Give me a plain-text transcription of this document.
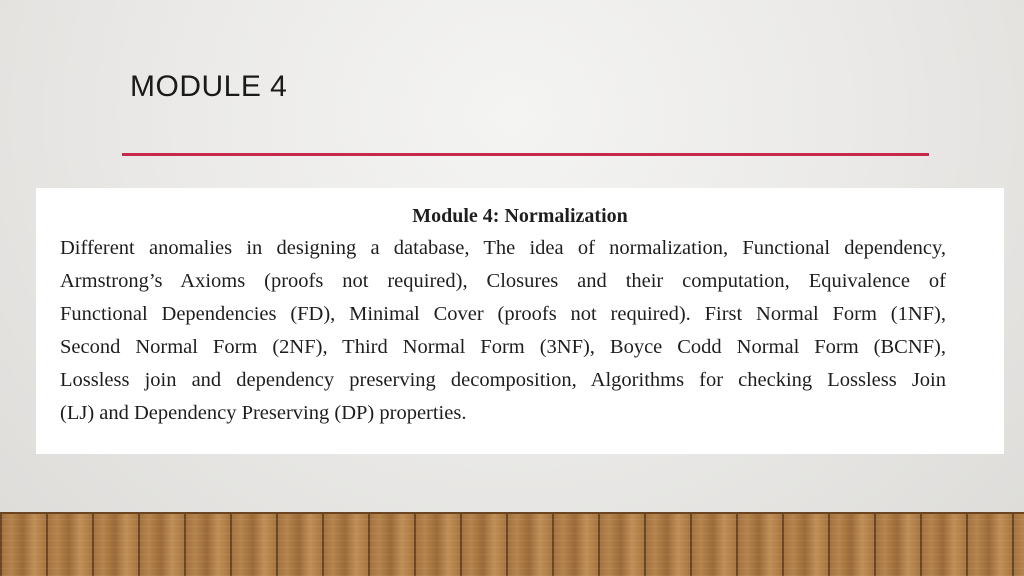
MODULE 4
Module 4: Normalization
Different anomalies in designing a database, The idea of normalization, Functional dependency,
Armstrong’s Axioms (proofs not required), Closures and their computation, Equivalence of
Functional Dependencies (FD), Minimal Cover (proofs not required). First Normal Form (1NF),
Second Normal Form (2NF), Third Normal Form (3NF), Boyce Codd Normal Form (BCNF),
Lossless join and dependency preserving decomposition, Algorithms for checking Lossless Join
(LJ) and Dependency Preserving (DP) properties.
